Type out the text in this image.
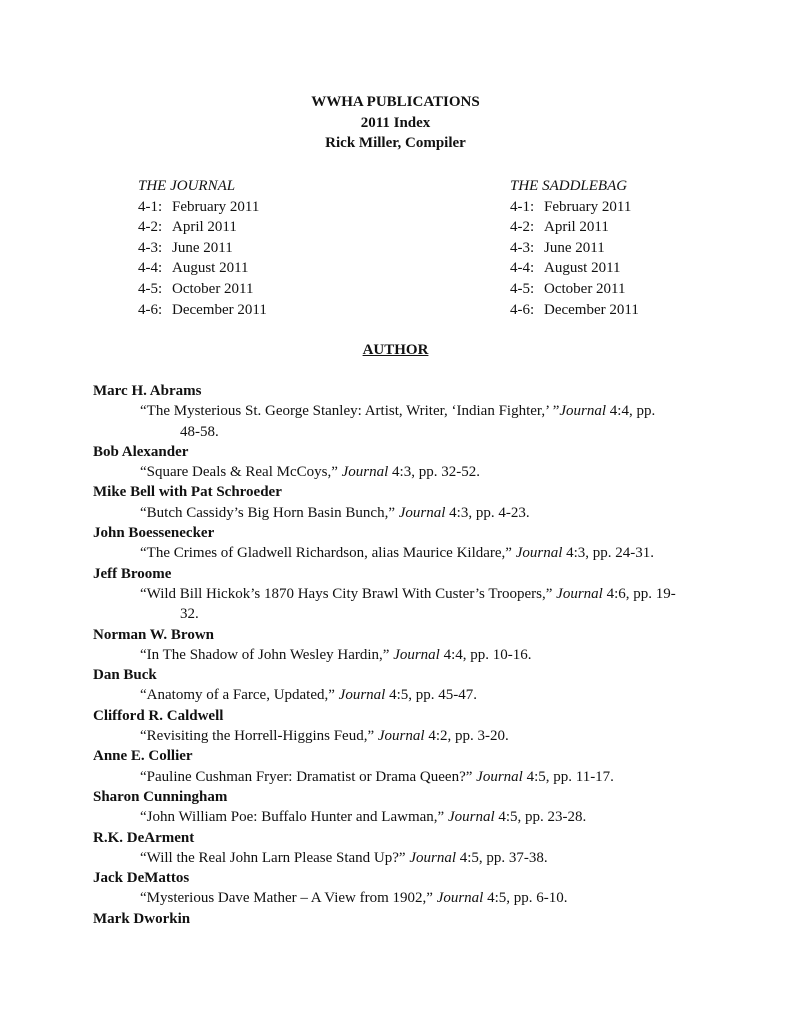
WWHA PUBLICATIONS
2011 Index
Rick Miller, Compiler
THE JOURNAL
4-1: February 2011
4-2: April 2011
4-3: June 2011
4-4: August 2011
4-5: October 2011
4-6: December 2011
THE SADDLEBAG
4-1: February 2011
4-2: April 2011
4-3: June 2011
4-4: August 2011
4-5: October 2011
4-6: December 2011
AUTHOR
Marc H. Abrams
“The Mysterious St. George Stanley: Artist, Writer, ‘Indian Fighter,’ ”Journal 4:4, pp.
48-58.
Bob Alexander
“Square Deals & Real McCoys,” Journal 4:3, pp. 32-52.
Mike Bell with Pat Schroeder
“Butch Cassidy’s Big Horn Basin Bunch,” Journal 4:3, pp. 4-23.
John Boessenecker
“The Crimes of Gladwell Richardson, alias Maurice Kildare,” Journal 4:3, pp. 24-31.
Jeff Broome
“Wild Bill Hickok’s 1870 Hays City Brawl With Custer’s Troopers,” Journal 4:6, pp. 19-
32.
Norman W. Brown
“In The Shadow of John Wesley Hardin,” Journal 4:4, pp. 10-16.
Dan Buck
“Anatomy of a Farce, Updated,” Journal 4:5, pp. 45-47.
Clifford R. Caldwell
“Revisiting the Horrell-Higgins Feud,” Journal 4:2, pp. 3-20.
Anne E. Collier
“Pauline Cushman Fryer: Dramatist or Drama Queen?” Journal 4:5, pp. 11-17.
Sharon Cunningham
“John William Poe: Buffalo Hunter and Lawman,” Journal 4:5, pp. 23-28.
R.K. DeArment
“Will the Real John Larn Please Stand Up?” Journal 4:5, pp. 37-38.
Jack DeMattos
“Mysterious Dave Mather – A View from 1902,” Journal 4:5, pp. 6-10.
Mark Dworkin
